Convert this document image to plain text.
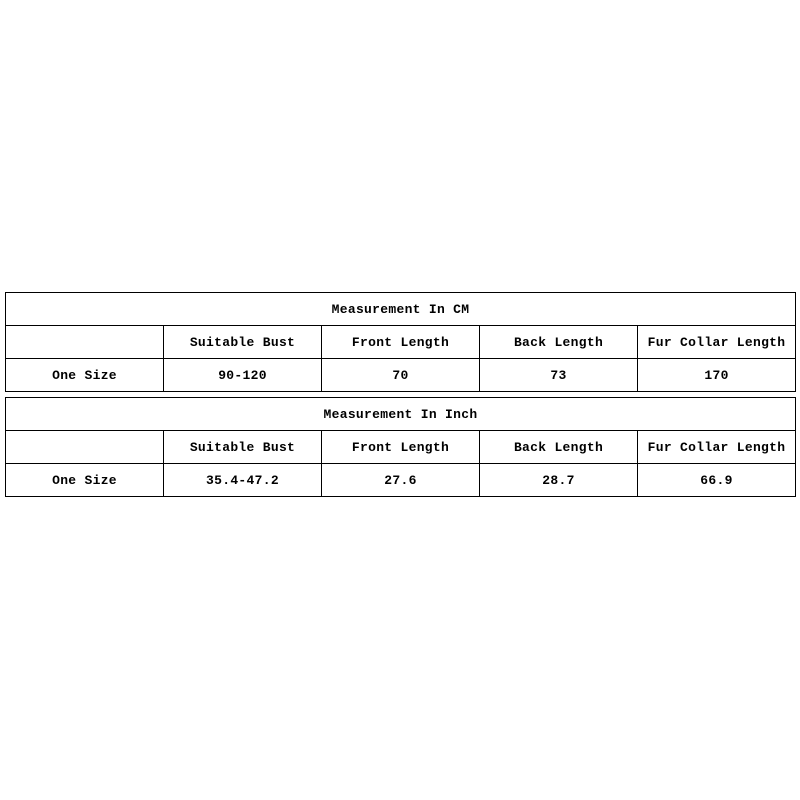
Measurement In CM				
	Suitable Bust	Front Length	Back Length	Fur Collar Length
One Size	90-120	70	73	170
Measurement In Inch				
	Suitable Bust	Front Length	Back Length	Fur Collar Length
One Size	35.4-47.2	27.6	28.7	66.9
